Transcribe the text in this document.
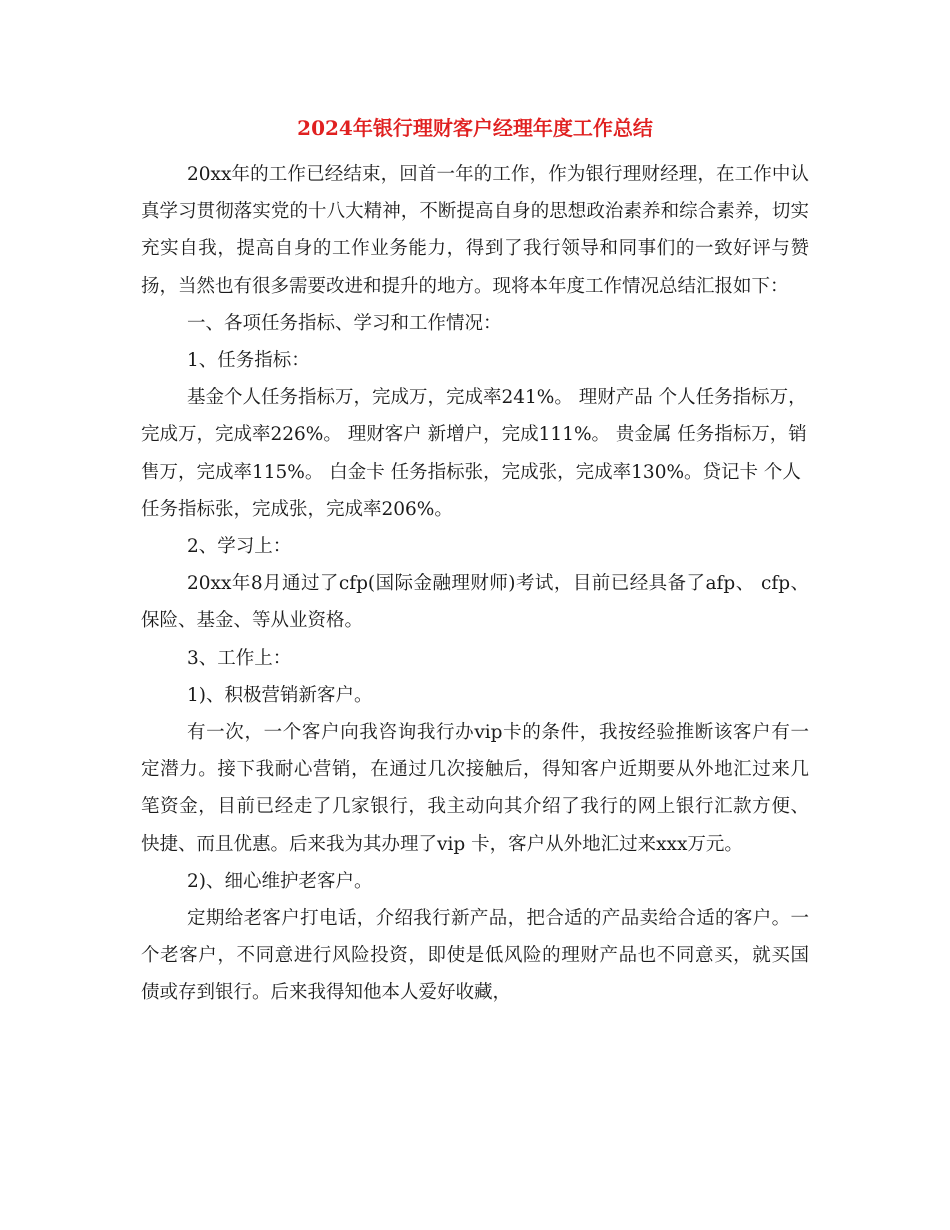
2024年银行理财客户经理年度工作总结

20xx年的工作已经结束，回首一年的工作，作为银行理财经理，在工作中认真学习贯彻落实党的十八大精神，不断提高自身的思想政治素养和综合素养，切实充实自我，提高自身的工作业务能力，得到了我行领导和同事们的一致好评与赞扬，当然也有很多需要改进和提升的地方。现将本年度工作情况总结汇报如下：

一、各项任务指标、学习和工作情况：

1、任务指标：

基金个人任务指标万，完成万，完成率241%。 理财产品 个人任务指标万，完成万，完成率226%。 理财客户 新增户，完成111%。 贵金属 任务指标万，销售万，完成率115%。 白金卡 任务指标张，完成张，完成率130%。贷记卡 个人任务指标张，完成张，完成率206%。

2、学习上：

20xx年8月通过了cfp(国际金融理财师)考试，目前已经具备了afp、 cfp、保险、基金、等从业资格。

3、工作上：

1)、积极营销新客户。

有一次，一个客户向我咨询我行办vip卡的条件，我按经验推断该客户有一 定潜力。接下我耐心营销，在通过几次接触后，得知客户近期要从外地汇过来几 笔资金，目前已经走了几家银行，我主动向其介绍了我行的网上银行汇款方便、 快捷、而且优惠。后来我为其办理了vip 卡，客户从外地汇过来xxx万元。

2)、细心维护老客户。

定期给老客户打电话，介绍我行新产品，把合适的产品卖给合适的客户。一 个老客户，不同意进行风险投资，即使是低风险的理财产品也不同意买，就买国 债或存到银行。后来我得知他本人爱好收藏，
